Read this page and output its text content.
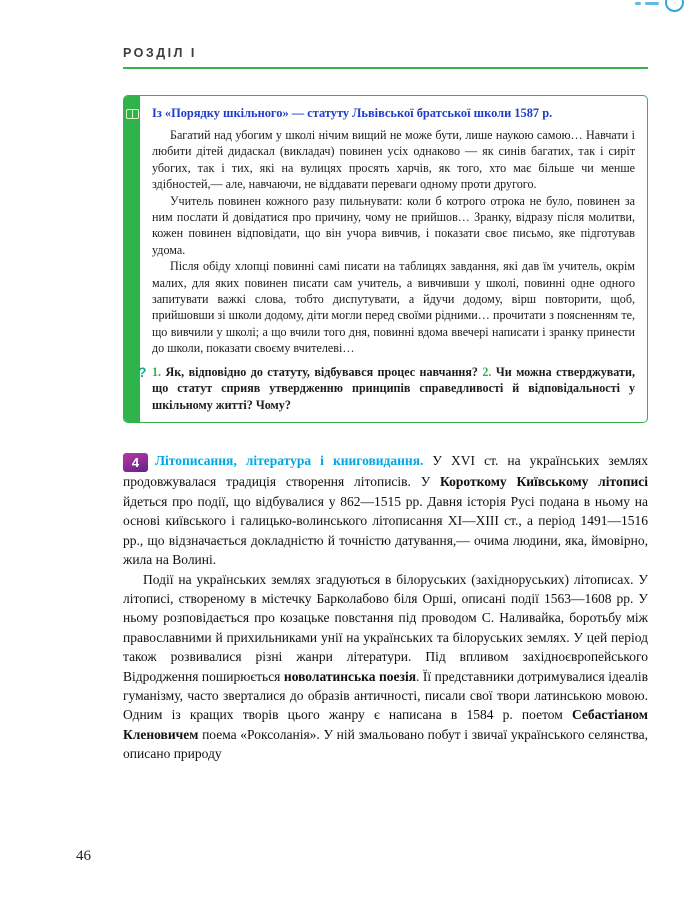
РОЗДІЛ І

Із «Порядку шкільного» — статуту Львівської братської школи 1587 р.

Багатий над убогим у школі нічим вищий не може бути, лише наукою самою… Навчати і любити дітей дидаскал (викладач) повинен усіх однаково — як синів багатих, так і сиріт убогих, так і тих, які на вулицях просять харчів, як того, хто має більше чи менше здібностей,— але, навчаючи, не віддавати переваги одному проти другого.

Учитель повинен кожного разу пильнувати: коли б котрого отрока не було, повинен за ним послати й довідатися про причину, чому не прийшов… Зранку, відразу після молитви, кожен повинен відповідати, що він учора вивчив, і показати своє письмо, яке підготував удома.

Після обіду хлопці повинні самі писати на таблицях завдання, які дав їм учитель, окрім малих, для яких повинен писати сам учитель, а вивчивши у школі, повинні одне одного запитувати важкі слова, тобто диспутувати, а йдучи додому, вірш повторити, щоб, прийшовши зі школи додому, діти могли перед своїми рідними… прочитати з поясненням те, що вивчили у школі; а що вчили того дня, повинні вдома ввечері написати і зранку принести до школи, показати своєму вчителеві…

? 1. Як, відповідно до статуту, відбувався процес навчання? 2. Чи можна стверджувати, що статут сприяв утвердженню принципів справедливості й відповідальності у шкільному житті? Чому?

4 Літописання, література і книговидання. У XVI ст. на українських землях продовжувалася традиція створення літописів. У Короткому Київському літописі йдеться про події, що відбувалися у 862—1515 рр. Давня історія Русі подана в ньому на основі київського і галицько-волинського літописання XI—XIII ст., а період 1491—1516 рр., що відзначається докладністю й точністю датування,— очима людини, яка, ймовірно, жила на Волині.

Події на українських землях згадуються в білоруських (західноруських) літописах. У літописі, створеному в містечку Барколабово біля Орші, описані події 1563—1608 рр. У ньому розповідається про козацьке повстання під проводом С. Наливайка, боротьбу між православними й прихильниками унії на українських та білоруських землях. У цей період також розвивалися різні жанри літератури. Під впливом західноєвропейського Відродження поширюється новолатинська поезія. Її представники дотримувалися ідеалів гуманізму, часто зверталися до образів античності, писали свої твори латинською мовою. Одним із кращих творів цього жанру є написана в 1584 р. поетом Себастіаном Кленовичем поема «Роксоланія». У ній змальовано побут і звичаї українського селянства, описано природу

46
